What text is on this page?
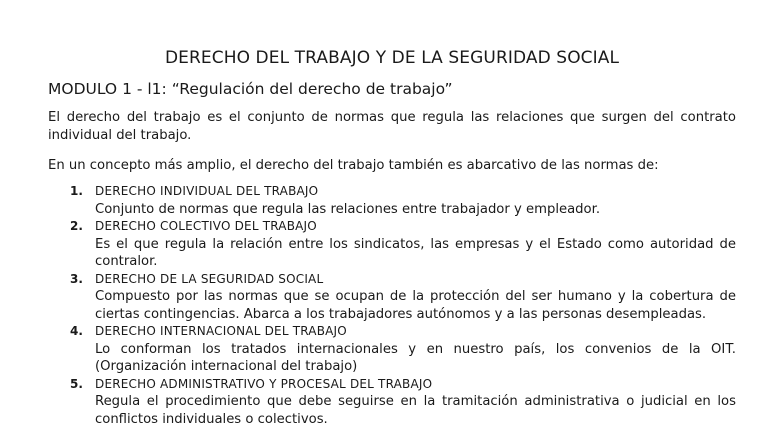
DERECHO DEL TRABAJO Y DE LA SEGURIDAD SOCIAL
MODULO 1 - l1: “Regulación del derecho de trabajo”

El derecho del trabajo es el conjunto de normas que regula las relaciones que surgen del contrato individual del trabajo.

En un concepto más amplio, el derecho del trabajo también es abarcativo de las normas de:

1. DERECHO INDIVIDUAL DEL TRABAJO
Conjunto de normas que regula las relaciones entre trabajador y empleador.
2. DERECHO COLECTIVO DEL TRABAJO
Es el que regula la relación entre los sindicatos, las empresas y el Estado como autoridad de contralor.
3. DERECHO DE LA SEGURIDAD SOCIAL
Compuesto por las normas que se ocupan de la protección del ser humano y la cobertura de ciertas contingencias. Abarca a los trabajadores autónomos y a las personas desempleadas.
4. DERECHO INTERNACIONAL DEL TRABAJO
Lo conforman los tratados internacionales y en nuestro país, los convenios de la OIT. (Organización internacional del trabajo)
5. DERECHO ADMINISTRATIVO Y PROCESAL DEL TRABAJO
Regula el procedimiento que debe seguirse en la tramitación administrativa o judicial en los conflictos individuales o colectivos.
